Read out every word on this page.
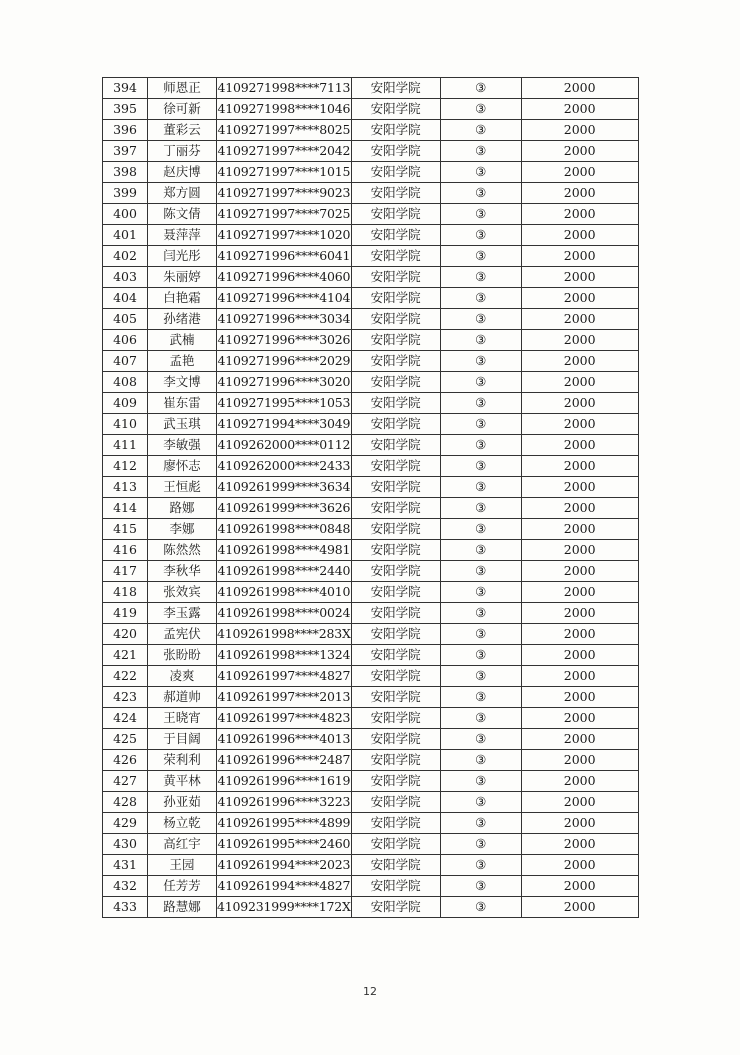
394	师恩正	4109271998****7113	安阳学院	③	2000
395	徐可新	4109271998****1046	安阳学院	③	2000
396	董彩云	4109271997****8025	安阳学院	③	2000
397	丁丽芬	4109271997****2042	安阳学院	③	2000
398	赵庆博	4109271997****1015	安阳学院	③	2000
399	郑方圆	4109271997****9023	安阳学院	③	2000
400	陈文倩	4109271997****7025	安阳学院	③	2000
401	聂萍萍	4109271997****1020	安阳学院	③	2000
402	闫光彤	4109271996****6041	安阳学院	③	2000
403	朱丽婷	4109271996****4060	安阳学院	③	2000
404	白艳霜	4109271996****4104	安阳学院	③	2000
405	孙绪港	4109271996****3034	安阳学院	③	2000
406	武楠	4109271996****3026	安阳学院	③	2000
407	孟艳	4109271996****2029	安阳学院	③	2000
408	李文博	4109271996****3020	安阳学院	③	2000
409	崔东雷	4109271995****1053	安阳学院	③	2000
410	武玉琪	4109271994****3049	安阳学院	③	2000
411	李敏强	4109262000****0112	安阳学院	③	2000
412	廖怀志	4109262000****2433	安阳学院	③	2000
413	王恒彪	4109261999****3634	安阳学院	③	2000
414	路娜	4109261999****3626	安阳学院	③	2000
415	李娜	4109261998****0848	安阳学院	③	2000
416	陈然然	4109261998****4981	安阳学院	③	2000
417	李秋华	4109261998****2440	安阳学院	③	2000
418	张效宾	4109261998****4010	安阳学院	③	2000
419	李玉露	4109261998****0024	安阳学院	③	2000
420	孟宪伏	4109261998****283X	安阳学院	③	2000
421	张盼盼	4109261998****1324	安阳学院	③	2000
422	凌爽	4109261997****4827	安阳学院	③	2000
423	郝道帅	4109261997****2013	安阳学院	③	2000
424	王晓宵	4109261997****4823	安阳学院	③	2000
425	于目阔	4109261996****4013	安阳学院	③	2000
426	荣利利	4109261996****2487	安阳学院	③	2000
427	黄平林	4109261996****1619	安阳学院	③	2000
428	孙亚茹	4109261996****3223	安阳学院	③	2000
429	杨立乾	4109261995****4899	安阳学院	③	2000
430	高红宇	4109261995****2460	安阳学院	③	2000
431	王园	4109261994****2023	安阳学院	③	2000
432	任芳芳	4109261994****4827	安阳学院	③	2000
433	路慧娜	4109231999****172X	安阳学院	③	2000
12
